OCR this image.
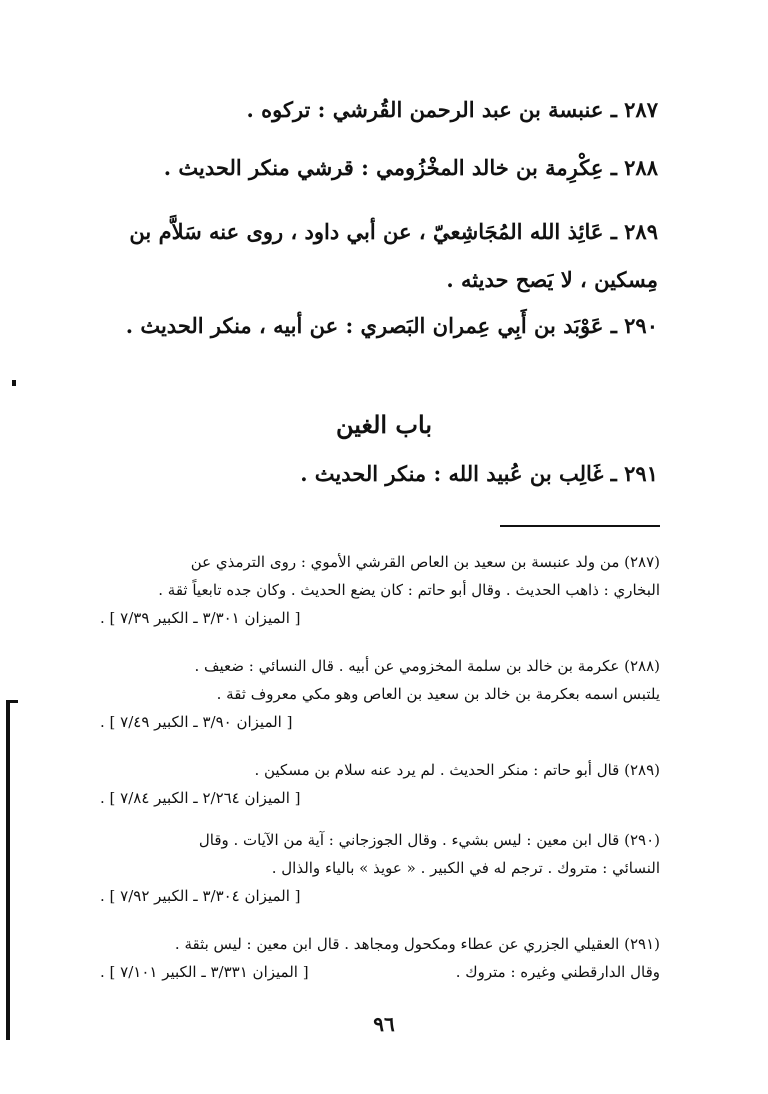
٢٨٧ ـ عنبسة بن عبد الرحمن القُرشي : تركوه .
٢٨٨ ـ عِكْرِمة بن خالد المخْزُومي : قرشي منكر الحديث .
٢٨٩ ـ عَائِذ الله المُجَاشِعيّ ، عن أبي داود ، روى عنه سَلاَّم بن مِسكين ، لا يَصح حديثه .
٢٩٠ ـ عَوْبَد بن أَبِي عِمران البَصري : عن أبيه ، منكر الحديث .
باب الغين
٢٩١ ـ غَالِب بن عُبيد الله : منكر الحديث .
(٢٨٧) من ولد عنبسة بن سعيد بن العاص القرشي الأموي : روى الترمذي عن
البخاري : ذاهب الحديث . وقال أبو حاتم : كان يضع الحديث . وكان جده تابعياً ثقة .
[ الميزان ٣/٣٠١ ـ الكبير ٧/٣٩ ] .
(٢٨٨) عكرمة بن خالد بن سلمة المخزومي عن أبيه . قال النسائي : ضعيف .
يلتبس اسمه بعكرمة بن خالد بن سعيد بن العاص وهو مكي معروف ثقة .
[ الميزان ٣/٩٠ ـ الكبير ٧/٤٩ ] .
(٢٨٩) قال أبو حاتم : منكر الحديث . لم يرد عنه سلام بن مسكين .
[ الميزان ٢/٢٦٤ ـ الكبير ٧/٨٤ ] .
(٢٩٠) قال ابن معين : ليس بشيء . وقال الجوزجاني : آية من الآيات . وقال
النسائي : متروك . ترجم له في الكبير . « عويذ » بالياء والذال .
[ الميزان ٣/٣٠٤ ـ الكبير ٧/٩٢ ] .
(٢٩١) العقيلي الجزري عن عطاء ومكحول ومجاهد . قال ابن معين : ليس بثقة .
وقال الدارقطني وغيره : متروك .
[ الميزان ٣/٣٣١ ـ الكبير ٧/١٠١ ] .
٩٦
